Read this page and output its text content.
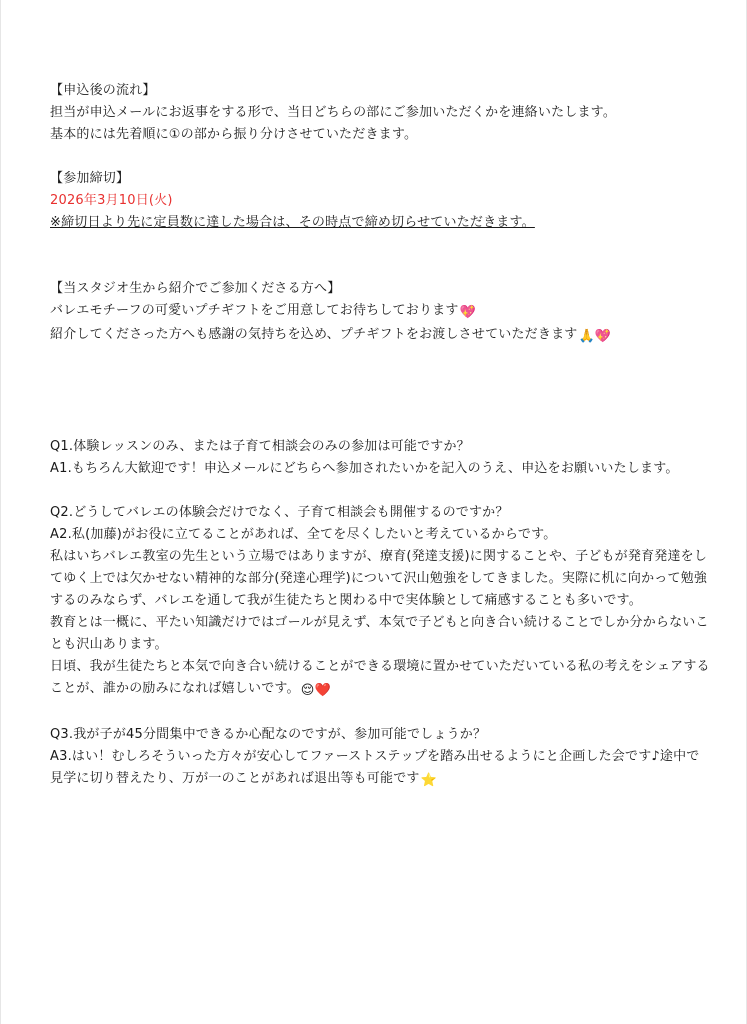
【申込後の流れ】
担当が申込メールにお返事をする形で、当日どちらの部にご参加いただくかを連絡いたします。
基本的には先着順に①の部から振り分けさせていただきます。
【参加締切】
2026年3月10日(火)
※締切日より先に定員数に達した場合は、その時点で締め切らせていただきます。
【当スタジオ生から紹介でご参加くださる方へ】
バレエモチーフの可愛いプチギフトをご用意してお待ちしております💖
紹介してくださった方へも感謝の気持ちを込め、プチギフトをお渡しさせていただきます🙏💖
Q1.体験レッスンのみ、または子育て相談会のみの参加は可能ですか？
A1.もちろん大歓迎です！申込メールにどちらへ参加されたいかを記入のうえ、申込をお願いいたします。
Q2.どうしてバレエの体験会だけでなく、子育て相談会も開催するのですか？
A2.私(加藤)がお役に立てることがあれば、全てを尽くしたいと考えているからです。
私はいちバレエ教室の先生という立場ではありますが、療育(発達支援)に関することや、子どもが発育発達をしてゆく上では欠かせない精神的な部分(発達心理学)について沢山勉強をしてきました。実際に机に向かって勉強するのみならず、バレエを通して我が生徒たちと関わる中で実体験として痛感することも多いです。
教育とは一概に、平たい知識だけではゴールが見えず、本気で子どもと向き合い続けることでしか分からないことも沢山あります。
日頃、我が生徒たちと本気で向き合い続けることができる環境に置かせていただいている私の考えをシェアすることが、誰かの励みになれば嬉しいです。😌❤️
Q3.我が子が45分間集中できるか心配なのですが、参加可能でしょうか？
A3.はい！むしろそういった方々が安心してファーストステップを踏み出せるようにと企画した会です♪途中で見学に切り替えたり、万が一のことがあれば退出等も可能です⭐
